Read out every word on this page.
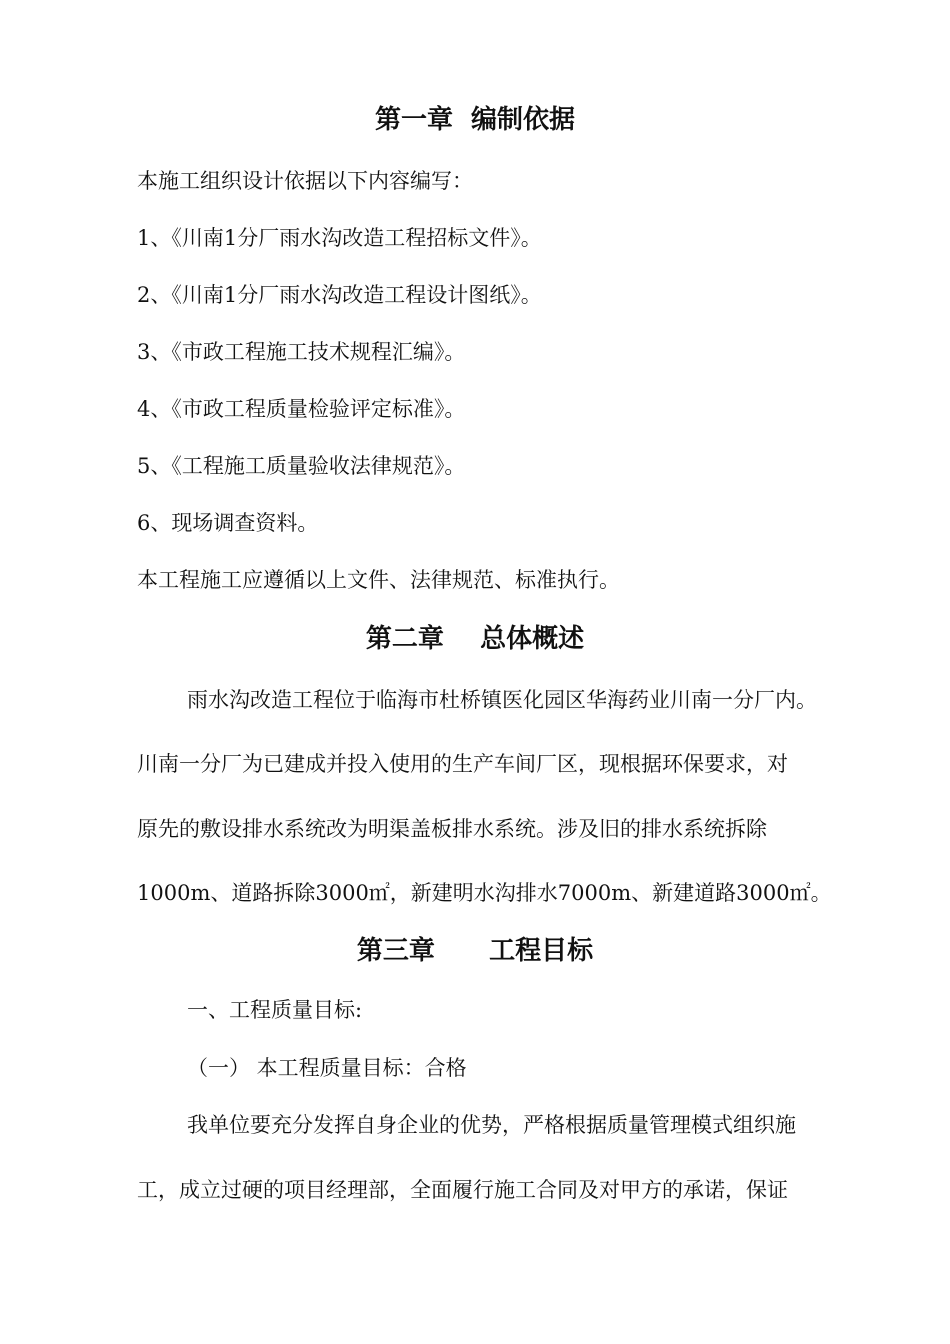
第一章  编制依据

本施工组织设计依据以下内容编写：

1、《川南1分厂雨水沟改造工程招标文件》。

2、《川南1分厂雨水沟改造工程设计图纸》。

3、《市政工程施工技术规程汇编》。

4、《市政工程质量检验评定标准》。

5、《工程施工质量验收法律规范》。

6、现场调查资料。

本工程施工应遵循以上文件、法律规范、标准执行。

第二章    总体概述

雨水沟改造工程位于临海市杜桥镇医化园区华海药业川南一分厂内。

川南一分厂为已建成并投入使用的生产车间厂区，现根据环保要求，对

原先的敷设排水系统改为明渠盖板排水系统。涉及旧的排水系统拆除

1000m、道路拆除3000㎡，新建明水沟排水7000m、新建道路3000㎡。

第三章      工程目标

一、工程质量目标:

（一） 本工程质量目标：合格

我单位要充分发挥自身企业的优势，严格根据质量管理模式组织施

工，成立过硬的项目经理部，全面履行施工合同及对甲方的承诺，保证
